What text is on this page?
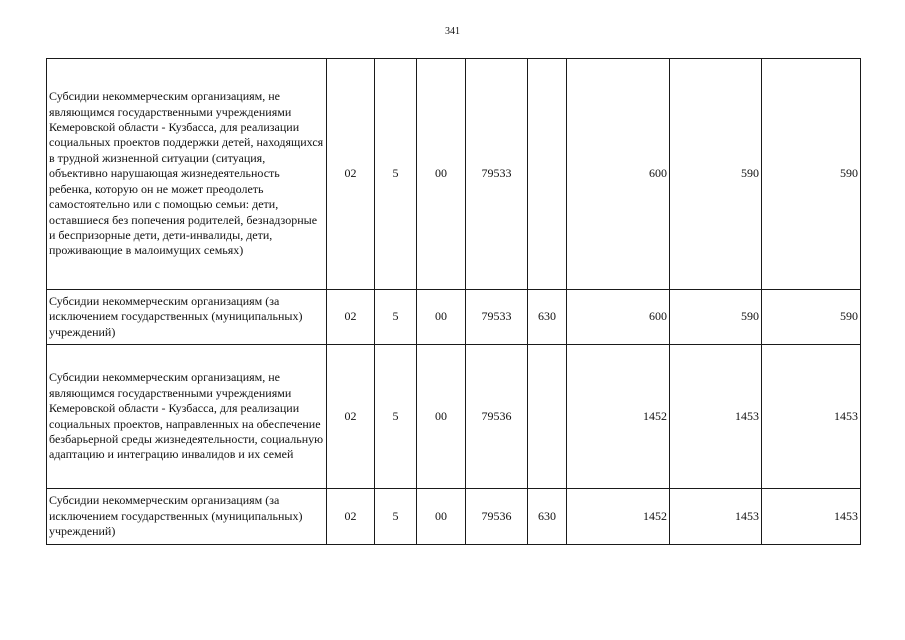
341
Субсидии некоммерческим организациям, не являющимся государственными учреждениями Кемеровской области - Кузбасса, для реализации социальных проектов поддержки детей, находящихся в трудной жизненной ситуации (ситуация, объективно нарушающая жизнедеятельность ребенка, которую он не может преодолеть самостоятельно или с помощью семьи: дети, оставшиеся без попечения родителей, безнадзорные и беспризорные дети, дети-инвалиды, дети, проживающие в малоимущих семьях)	02	5	00	79533		600	590	590
Субсидии некоммерческим организациям (за исключением государственных (муниципальных) учреждений)	02	5	00	79533	630	600	590	590
Субсидии некоммерческим организациям, не являющимся государственными учреждениями Кемеровской области - Кузбасса, для реализации социальных проектов, направленных на обеспечение безбарьерной среды жизнедеятельности, социальную адаптацию и интеграцию инвалидов и их семей	02	5	00	79536		1452	1453	1453
Субсидии некоммерческим организациям (за исключением государственных (муниципальных) учреждений)	02	5	00	79536	630	1452	1453	1453
